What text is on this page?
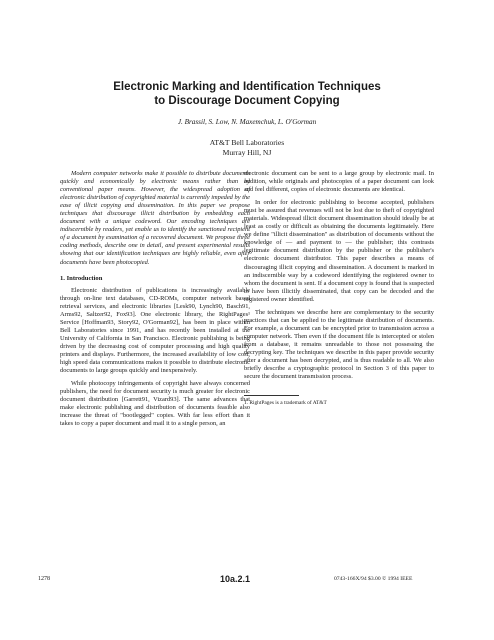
Electronic Marking and Identification Techniques
to Discourage Document Copying
J. Brassil, S. Low, N. Maxemchuk, L. O'Gorman
AT&T Bell Laboratories
Murray Hill, NJ

Modern computer networks make it possible to distribute documents quickly and economically by electronic means rather than by conventional paper means. However, the widespread adoption of electronic distribution of copyrighted material is currently impeded by the ease of illicit copying and dissemination. In this paper we propose techniques that discourage illicit distribution by embedding each document with a unique codeword. Our encoding techniques are indiscernible by readers, yet enable us to identify the sanctioned recipient of a document by examination of a recovered document. We propose three coding methods, describe one in detail, and present experimental results showing that our identification techniques are highly reliable, even after documents have been photocopied.

1. Introduction

Electronic distribution of publications is increasingly available through on-line text databases, CD-ROMs, computer network based retrieval services, and electronic libraries [Lesk90, Lynch90, Basch91, Arms92, Saltzer92, Fox93]. One electronic library, the RightPages¹ Service [Hoffman93, Story92, O'Gorman92], has been in place within Bell Laboratories since 1991, and has recently been installed at the University of California in San Francisco. Electronic publishing is being driven by the decreasing cost of computer processing and high quality printers and displays. Furthermore, the increased availability of low cost, high speed data communications makes it possible to distribute electronic documents to large groups quickly and inexpensively.

While photocopy infringements of copyright have always concerned publishers, the need for document security is much greater for electronic document distribution [Garrett91, Vizard93]. The same advances that make electronic publishing and distribution of documents feasible also increase the threat of "bootlegged" copies. With far less effort than it takes to copy a paper document and mail it to a single person, an

electronic document can be sent to a large group by electronic mail. In addition, while originals and photocopies of a paper document can look and feel different, copies of electronic documents are identical.

In order for electronic publishing to become accepted, publishers must be assured that revenues will not be lost due to theft of copyrighted materials. Widespread illicit document dissemination should ideally be at least as costly or difficult as obtaining the documents legitimately. Here we define "illicit dissemination" as distribution of documents without the knowledge of — and payment to — the publisher; this contrasts legitimate document distribution by the publisher or the publisher's electronic document distributor. This paper describes a means of discouraging illicit copying and dissemination. A document is marked in an indiscernible way by a codeword identifying the registered owner to whom the document is sent. If a document copy is found that is suspected to have been illicitly disseminated, that copy can be decoded and the registered owner identified.

The techniques we describe here are complementary to the security practices that can be applied to the legitimate distribution of documents. For example, a document can be encrypted prior to transmission across a computer network. Then even if the document file is intercepted or stolen from a database, it remains unreadable to those not possessing the decrypting key. The techniques we describe in this paper provide security after a document has been decrypted, and is thus readable to all. We also briefly describe a cryptographic protocol in Section 3 of this paper to secure the document transmission process.

1. RightPages is a trademark of AT&T
1278	10a.2.1	0743-166X/94 $3.00 © 1994 IEEE
